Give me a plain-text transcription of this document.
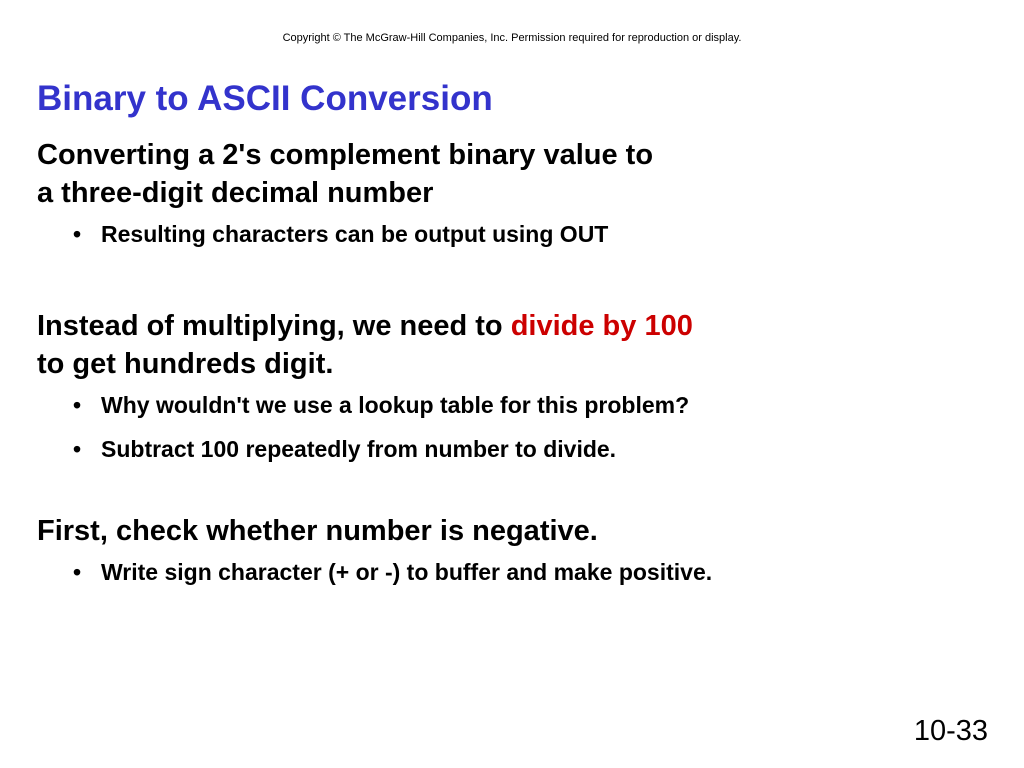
Copyright © The McGraw-Hill Companies, Inc. Permission required for reproduction or display.
Binary to ASCII Conversion
Converting a 2's complement binary value to
a three-digit decimal number
• Resulting characters can be output using OUT
Instead of multiplying, we need to divide by 100
to get hundreds digit.
• Why wouldn't we use a lookup table for this problem?
• Subtract 100 repeatedly from number to divide.
First, check whether number is negative.
• Write sign character (+ or -) to buffer and make positive.
10-33
